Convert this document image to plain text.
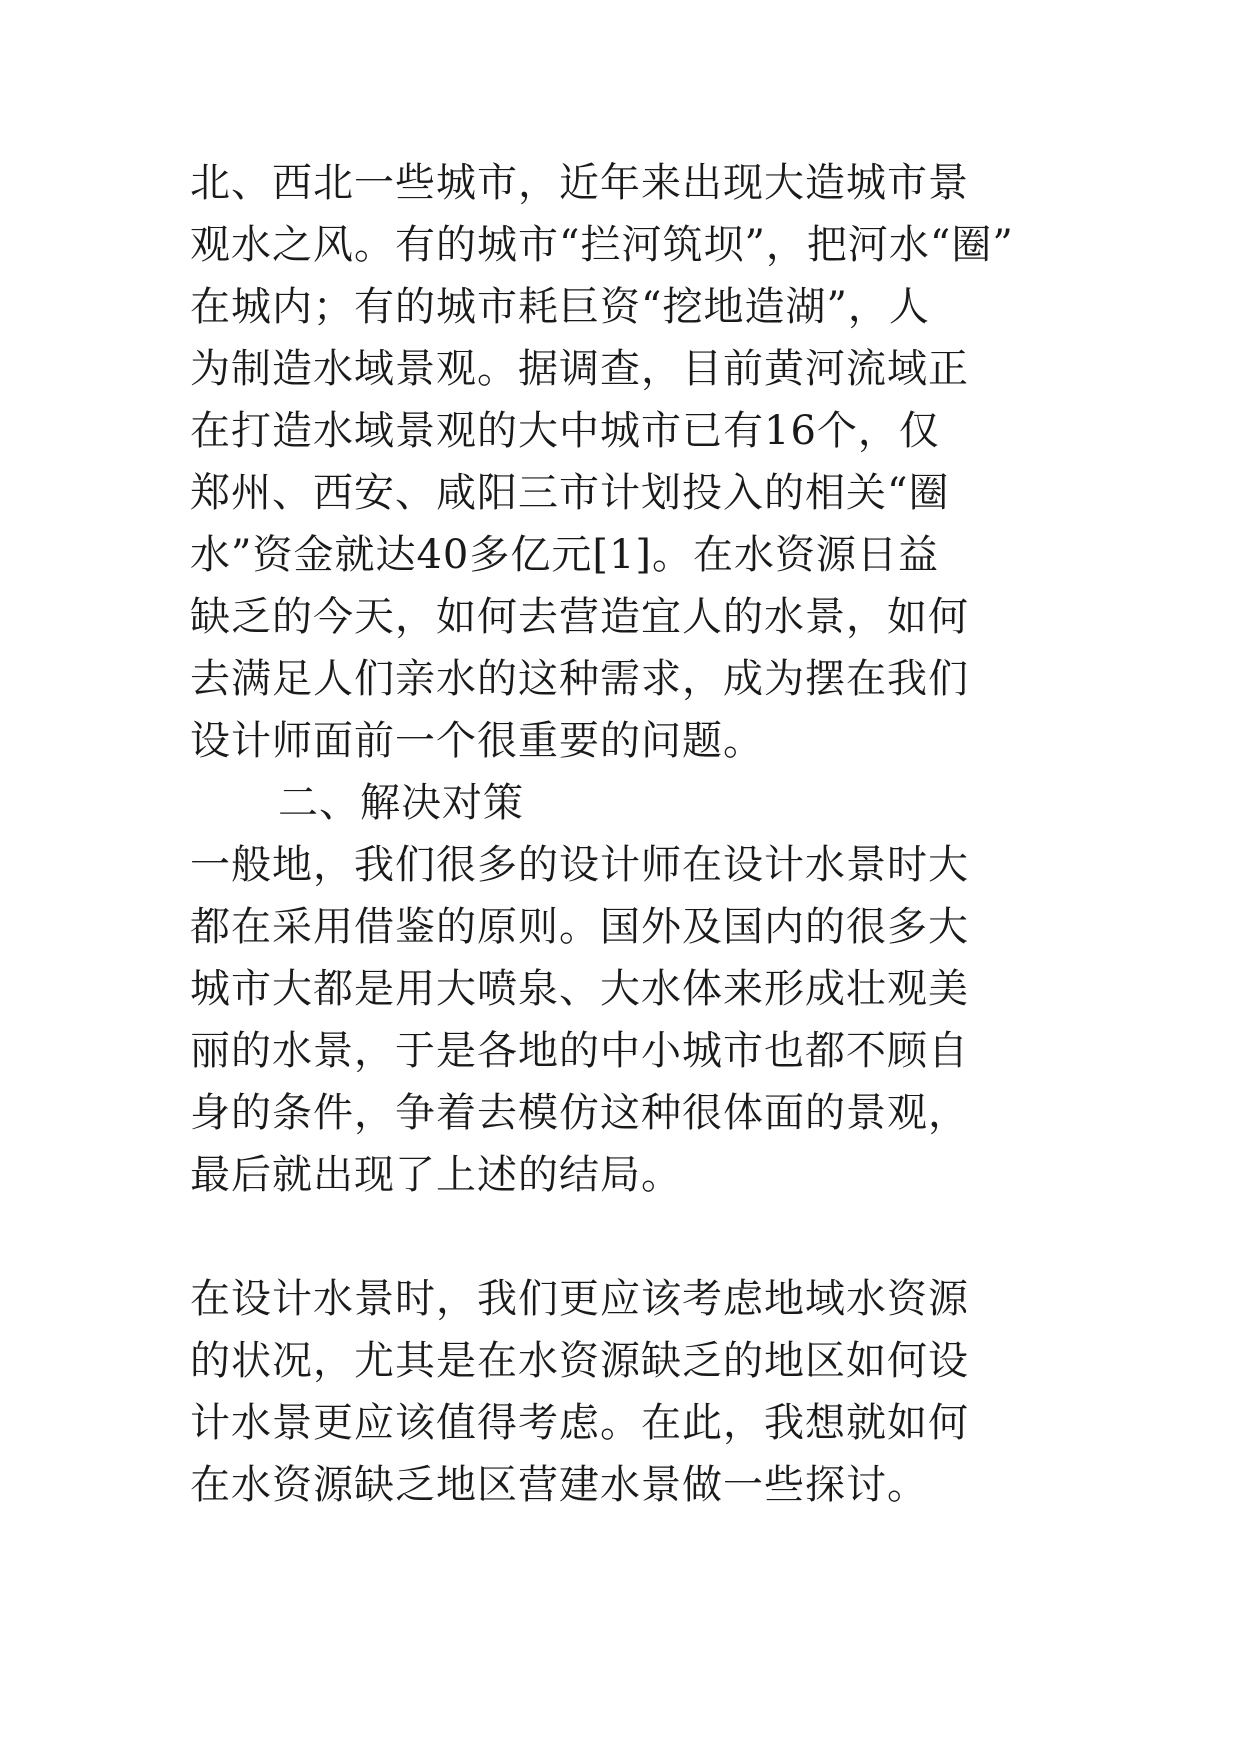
北、西北一些城市，近年来出现大造城市景
观水之风。有的城市“拦河筑坝”，把河水“圈”
在城内；有的城市耗巨资“挖地造湖”，人
为制造水域景观。据调查，目前黄河流域正
在打造水域景观的大中城市已有16个，仅
郑州、西安、咸阳三市计划投入的相关“圈
水”资金就达40多亿元[1]。在水资源日益
缺乏的今天，如何去营造宜人的水景，如何
去满足人们亲水的这种需求，成为摆在我们
设计师面前一个很重要的问题。
二、解决对策
一般地，我们很多的设计师在设计水景时大
都在采用借鉴的原则。国外及国内的很多大
城市大都是用大喷泉、大水体来形成壮观美
丽的水景，于是各地的中小城市也都不顾自
身的条件，争着去模仿这种很体面的景观，
最后就出现了上述的结局。
在设计水景时，我们更应该考虑地域水资源
的状况，尤其是在水资源缺乏的地区如何设
计水景更应该值得考虑。在此，我想就如何
在水资源缺乏地区营建水景做一些探讨。
